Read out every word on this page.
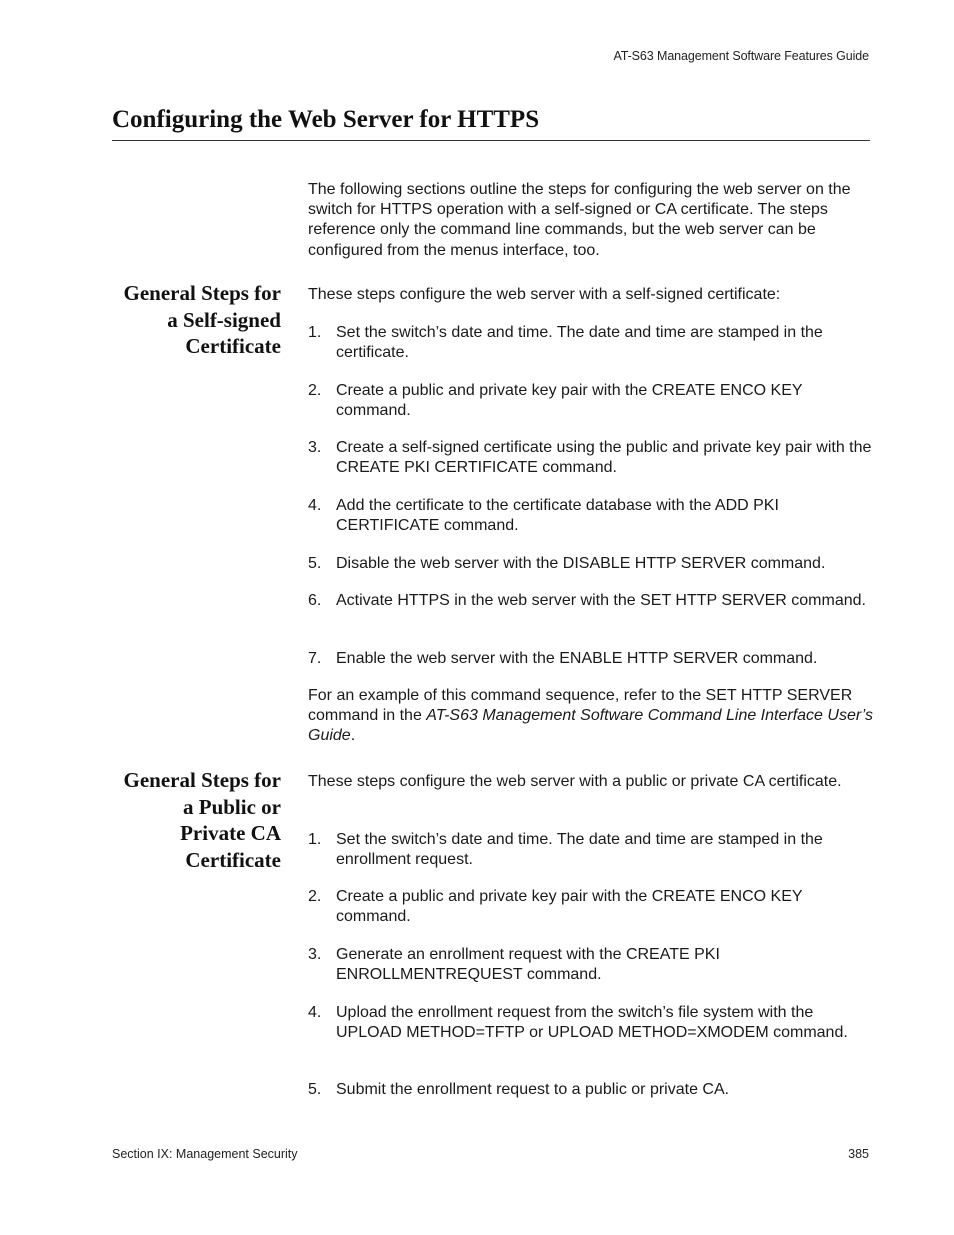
AT-S63 Management Software Features Guide
Configuring the Web Server for HTTPS

The following sections outline the steps for configuring the web server on the switch for HTTPS operation with a self-signed or CA certificate. The steps reference only the command line commands, but the web server can be configured from the menus interface, too.

General Steps for
a Self-signed
Certificate

These steps configure the web server with a self-signed certificate:

1. Set the switch’s date and time. The date and time are stamped in the certificate.
2. Create a public and private key pair with the CREATE ENCO KEY command.
3. Create a self-signed certificate using the public and private key pair with the CREATE PKI CERTIFICATE command.
4. Add the certificate to the certificate database with the ADD PKI CERTIFICATE command.
5. Disable the web server with the DISABLE HTTP SERVER command.
6. Activate HTTPS in the web server with the SET HTTP SERVER command.
7. Enable the web server with the ENABLE HTTP SERVER command.

For an example of this command sequence, refer to the SET HTTP SERVER command in the AT-S63 Management Software Command Line Interface User’s Guide.

General Steps for
a Public or
Private CA
Certificate

These steps configure the web server with a public or private CA certificate.

1. Set the switch’s date and time. The date and time are stamped in the enrollment request.
2. Create a public and private key pair with the CREATE ENCO KEY command.
3. Generate an enrollment request with the CREATE PKI ENROLLMENTREQUEST command.
4. Upload the enrollment request from the switch’s file system with the UPLOAD METHOD=TFTP or UPLOAD METHOD=XMODEM command.
5. Submit the enrollment request to a public or private CA.
Section IX: Management Security	385
